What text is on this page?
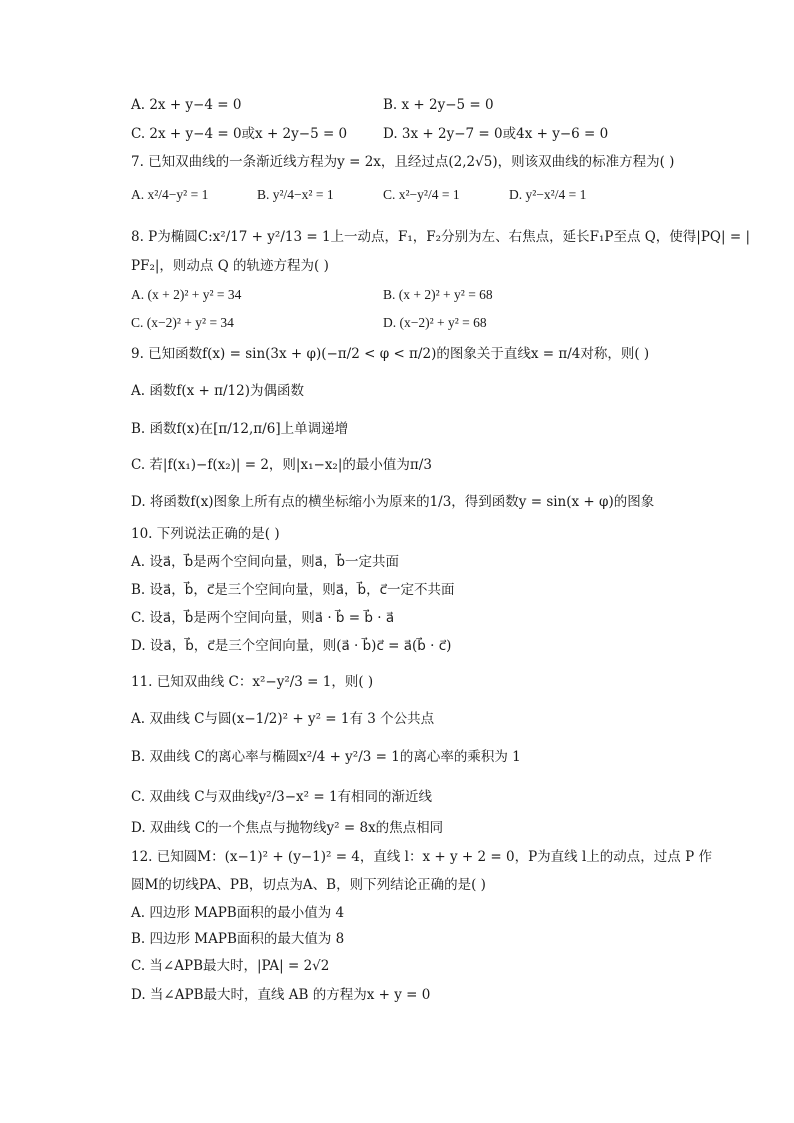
A. 2x + y−4 = 0	B. x + 2y−5 = 0
C. 2x + y−4 = 0或x + 2y−5 = 0	D. 3x + 2y−7 = 0或4x + y−6 = 0
7. 已知双曲线的一条渐近线方程为y = 2x，且经过点(2,2√5)，则该双曲线的标准方程为( )
A. x²/4−y² = 1	B. y²/4−x² = 1	C. x²−y²/4 = 1	D. y²−x²/4 = 1
8. P为椭圆C:x²/17 + y²/13 = 1上一动点，F₁，F₂分别为左、右焦点，延长F₁P至点 Q，使得|PQ| = |
PF₂|，则动点 Q 的轨迹方程为( )
A. (x + 2)² + y² = 34	B. (x + 2)² + y² = 68
C. (x−2)² + y² = 34	D. (x−2)² + y² = 68
9. 已知函数f(x) = sin(3x + φ)(−π/2 < φ < π/2)的图象关于直线x = π/4对称，则( )
A. 函数f(x + π/12)为偶函数
B. 函数f(x)在[π/12,π/6]上单调递增
C. 若|f(x₁)−f(x₂)| = 2，则|x₁−x₂|的最小值为π/3
D. 将函数f(x)图象上所有点的横坐标缩小为原来的1/3，得到函数y = sin(x + φ)的图象
10. 下列说法正确的是( )
A. 设a⃗，b⃗是两个空间向量，则a⃗，b⃗一定共面
B. 设a⃗，b⃗，c⃗是三个空间向量，则a⃗，b⃗，c⃗一定不共面
C. 设a⃗，b⃗是两个空间向量，则a⃗ · b⃗ = b⃗ · a⃗
D. 设a⃗，b⃗，c⃗是三个空间向量，则(a⃗ · b⃗)c⃗ = a⃗(b⃗ · c⃗)
11. 已知双曲线 C：x²−y²/3 = 1，则( )
A. 双曲线 C与圆(x−1/2)² + y² = 1有 3 个公共点
B. 双曲线 C的离心率与椭圆x²/4 + y²/3 = 1的离心率的乘积为 1
C. 双曲线 C与双曲线y²/3−x² = 1有相同的渐近线
D. 双曲线 C的一个焦点与抛物线y² = 8x的焦点相同
12. 已知圆M：(x−1)² + (y−1)² = 4，直线 l：x + y + 2 = 0，P为直线 l上的动点，过点 P 作
圆M的切线PA、PB，切点为A、B，则下列结论正确的是( )
A. 四边形 MAPB面积的最小值为 4
B. 四边形 MAPB面积的最大值为 8
C. 当∠APB最大时，|PA| = 2√2
D. 当∠APB最大时，直线 AB 的方程为x + y = 0
